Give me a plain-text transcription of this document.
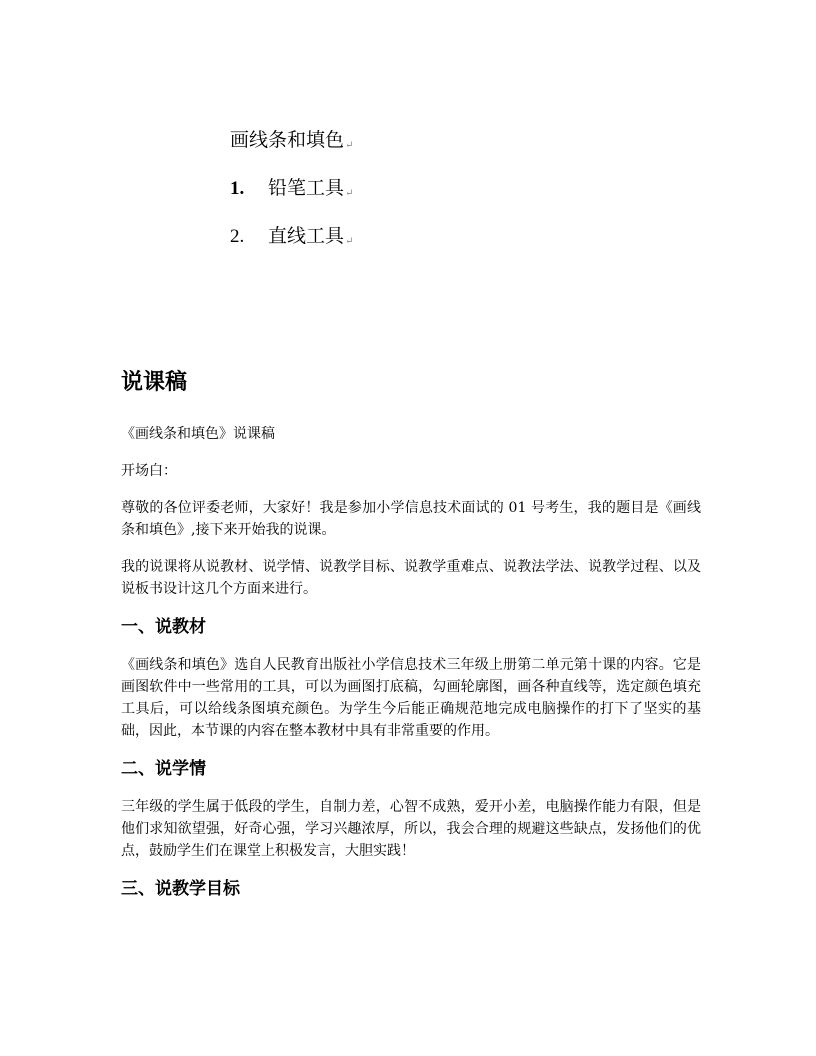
画线条和填色↵
1. 铅笔工具↵
2. 直线工具↵
说课稿

《画线条和填色》说课稿

开场白：

尊敬的各位评委老师，大家好！我是参加小学信息技术面试的 01 号考生，我的题目是《画线条和填色》,接下来开始我的说课。

我的说课将从说教材、说学情、说教学目标、说教学重难点、说教法学法、说教学过程、以及说板书设计这几个方面来进行。

一、说教材

《画线条和填色》选自人民教育出版社小学信息技术三年级上册第二单元第十课的内容。它是画图软件中一些常用的工具，可以为画图打底稿，勾画轮廓图，画各种直线等，选定颜色填充工具后，可以给线条图填充颜色。为学生今后能正确规范地完成电脑操作的打下了坚实的基础，因此，本节课的内容在整本教材中具有非常重要的作用。

二、说学情

三年级的学生属于低段的学生，自制力差，心智不成熟，爱开小差，电脑操作能力有限，但是他们求知欲望强，好奇心强，学习兴趣浓厚，所以，我会合理的规避这些缺点，发扬他们的优点，鼓励学生们在课堂上积极发言，大胆实践！

三、说教学目标
